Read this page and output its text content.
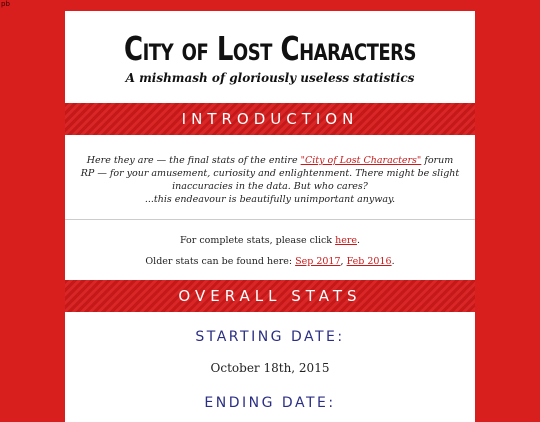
pb
City of Lost Characters
A mishmash of gloriously useless statistics
INTRODUCTION

Here they are — the final stats of the entire "City of Lost Characters" forum RP — for your amusement, curiosity and enlightenment. There might be slight inaccuracies in the data. But who cares?
...this endeavour is beautifully unimportant anyway.

For complete stats, please click here.
Older stats can be found here: Sep 2017, Feb 2016.
OVERALL STATS
STARTING DATE:
October 18th, 2015
ENDING DATE:
